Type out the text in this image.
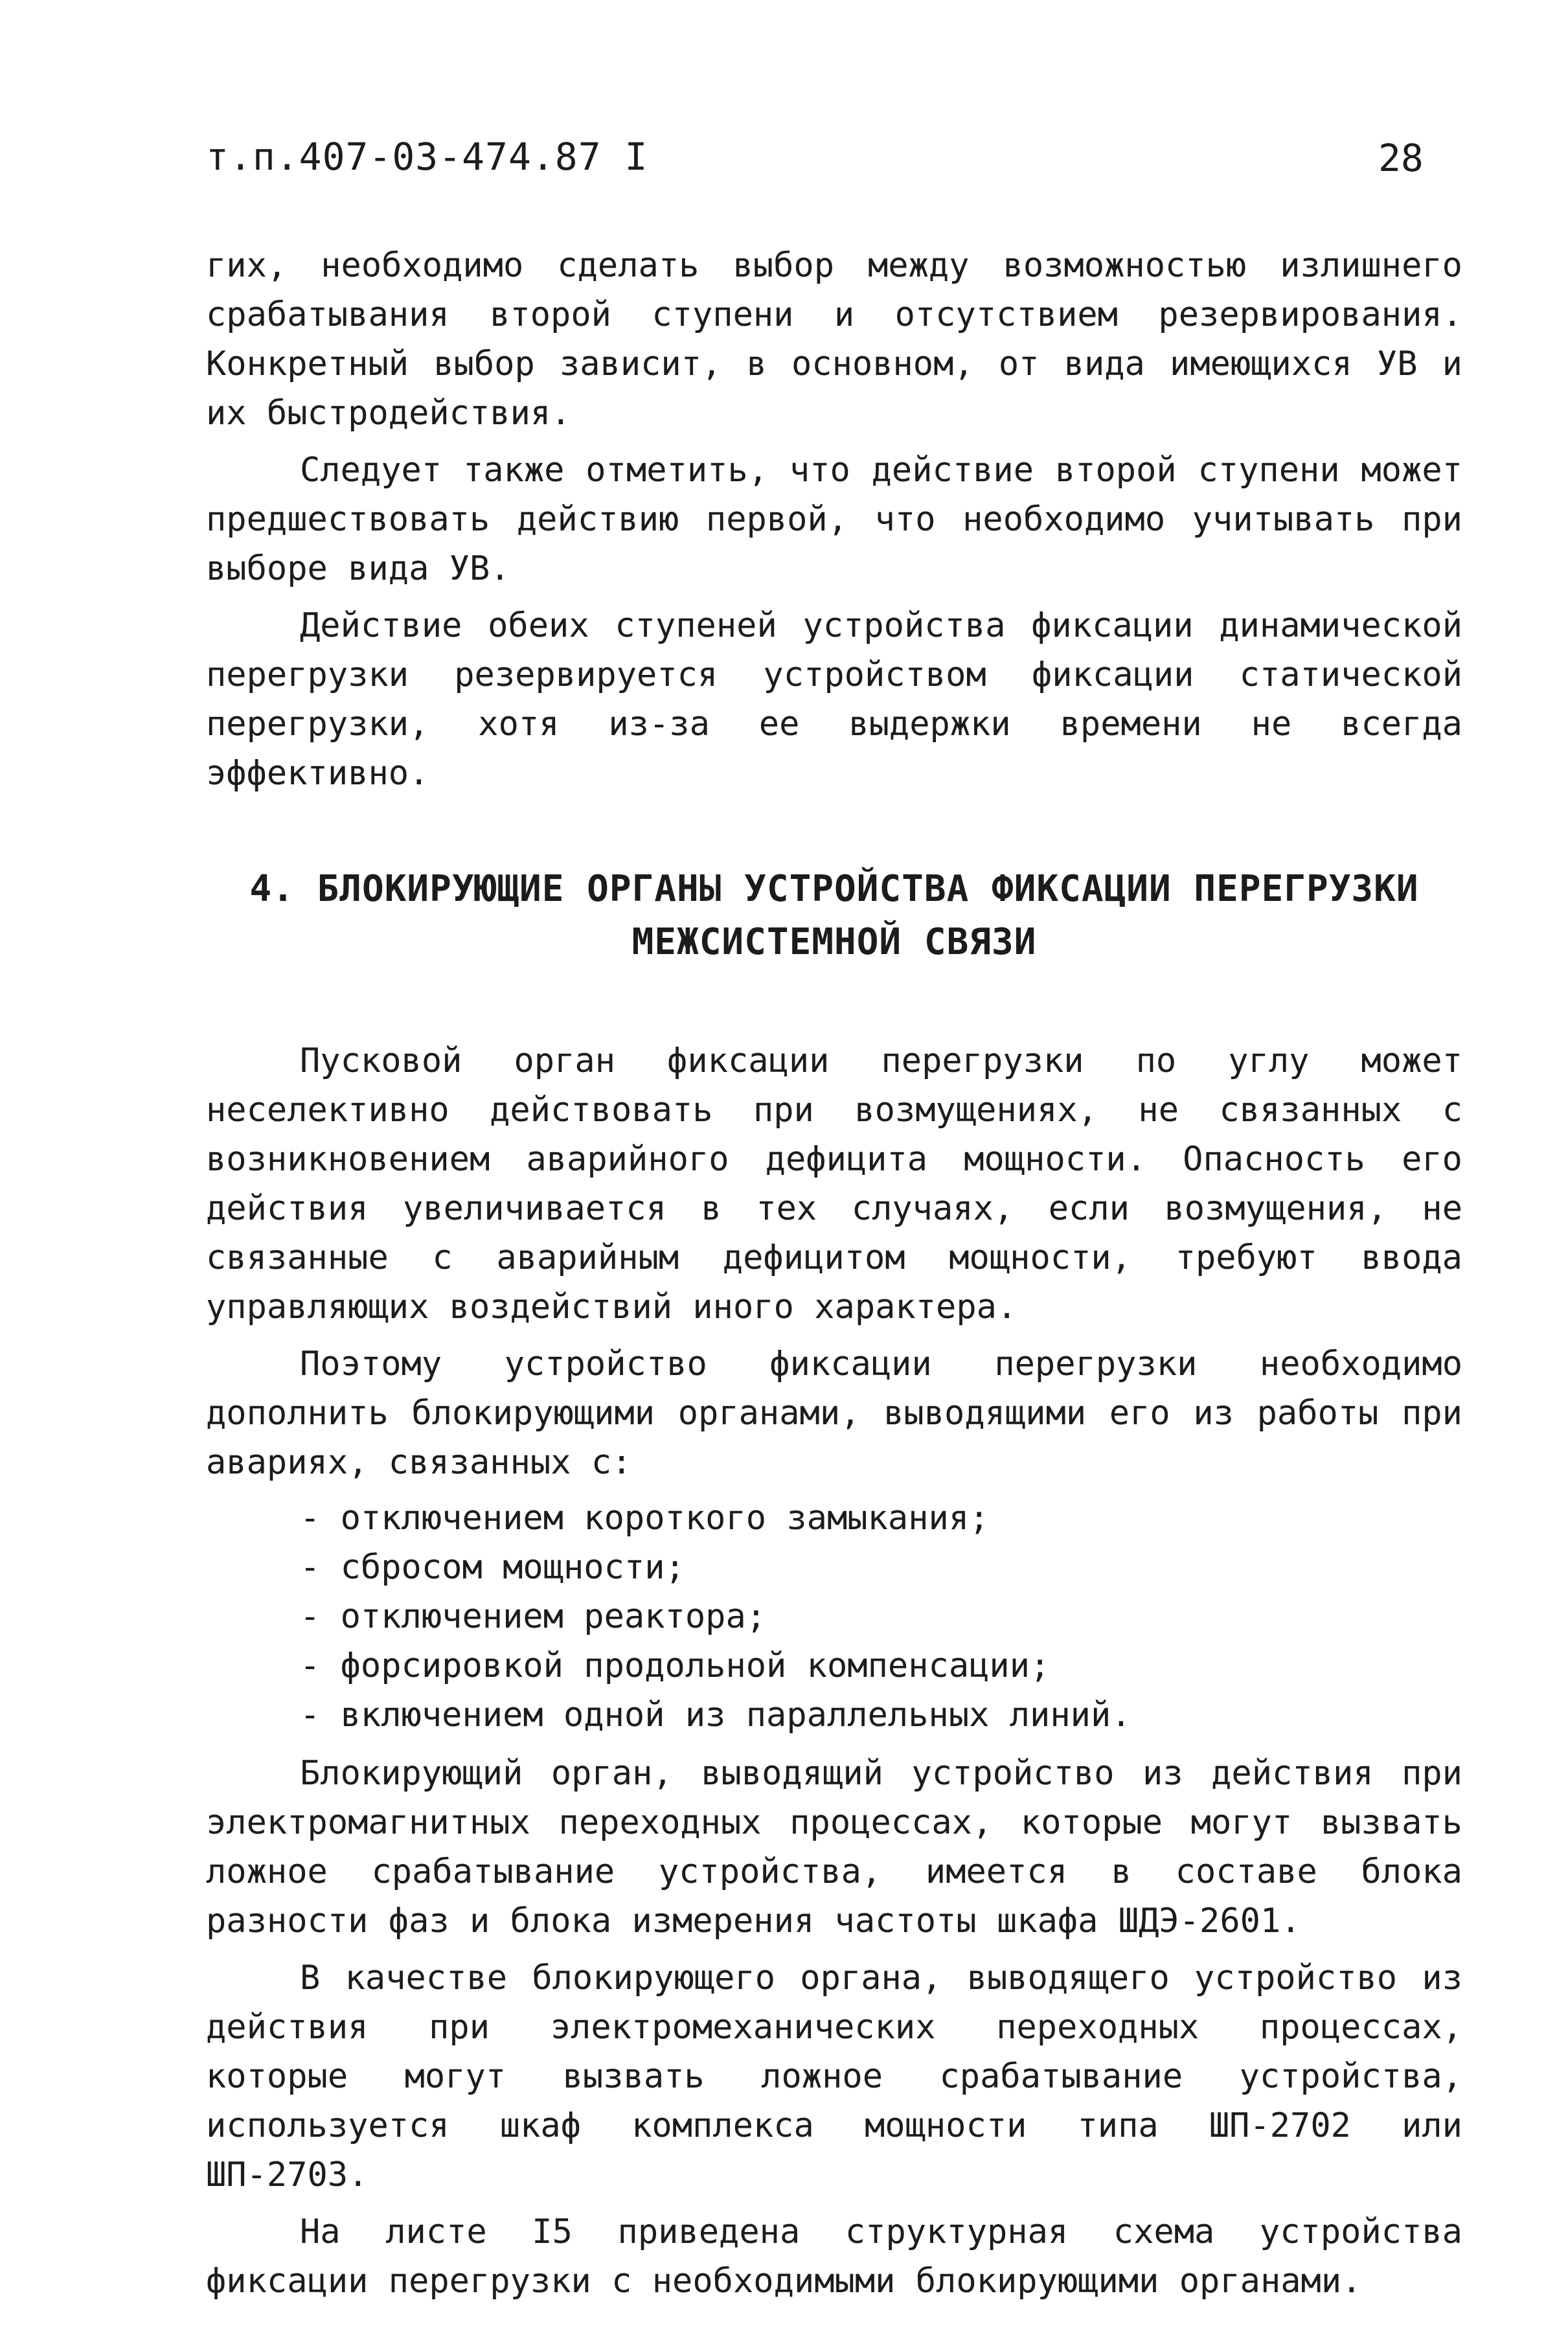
т.п.407-03-474.87 I	28

гих, необходимо сделать выбор между возможностью излишнего срабатывания второй ступени и отсутствием резервирования. Конкретный выбор зависит, в основном, от вида имеющихся УВ и их быстродействия.

Следует также отметить, что действие второй ступени может предшествовать действию первой, что необходимо учитывать при выборе вида УВ.

Действие обеих ступеней устройства фиксации динамической перегрузки резервируется устройством фиксации статической перегрузки, хотя из-за ее выдержки времени не всегда эффективно.

4. БЛОКИРУЮЩИЕ ОРГАНЫ УСТРОЙСТВА ФИКСАЦИИ ПЕРЕГРУЗКИ
МЕЖСИСТЕМНОЙ СВЯЗИ

Пусковой орган фиксации перегрузки по углу может неселективно действовать при возмущениях, не связанных с возникновением аварийного дефицита мощности. Опасность его действия увеличивается в тех случаях, если возмущения, не связанные с аварийным дефицитом мощности, требуют ввода управляющих воздействий иного характера.

Поэтому устройство фиксации перегрузки необходимо дополнить блокирующими органами, выводящими его из работы при авариях, связанных с:

- отключением короткого замыкания;
- сбросом мощности;
- отключением реактора;
- форсировкой продольной компенсации;
- включением одной из параллельных линий.

Блокирующий орган, выводящий устройство из действия при электромагнитных переходных процессах, которые могут вызвать ложное срабатывание устройства, имеется в составе блока разности фаз и блока измерения частоты шкафа ШДЭ-2601.

В качестве блокирующего органа, выводящего устройство из действия при электромеханических переходных процессах, которые могут вызвать ложное срабатывание устройства, используется шкаф комплекса мощности типа ШП-2702 или ШП-2703.

На листе I5 приведена структурная схема устройства фиксации перегрузки с необходимыми блокирующими органами.
